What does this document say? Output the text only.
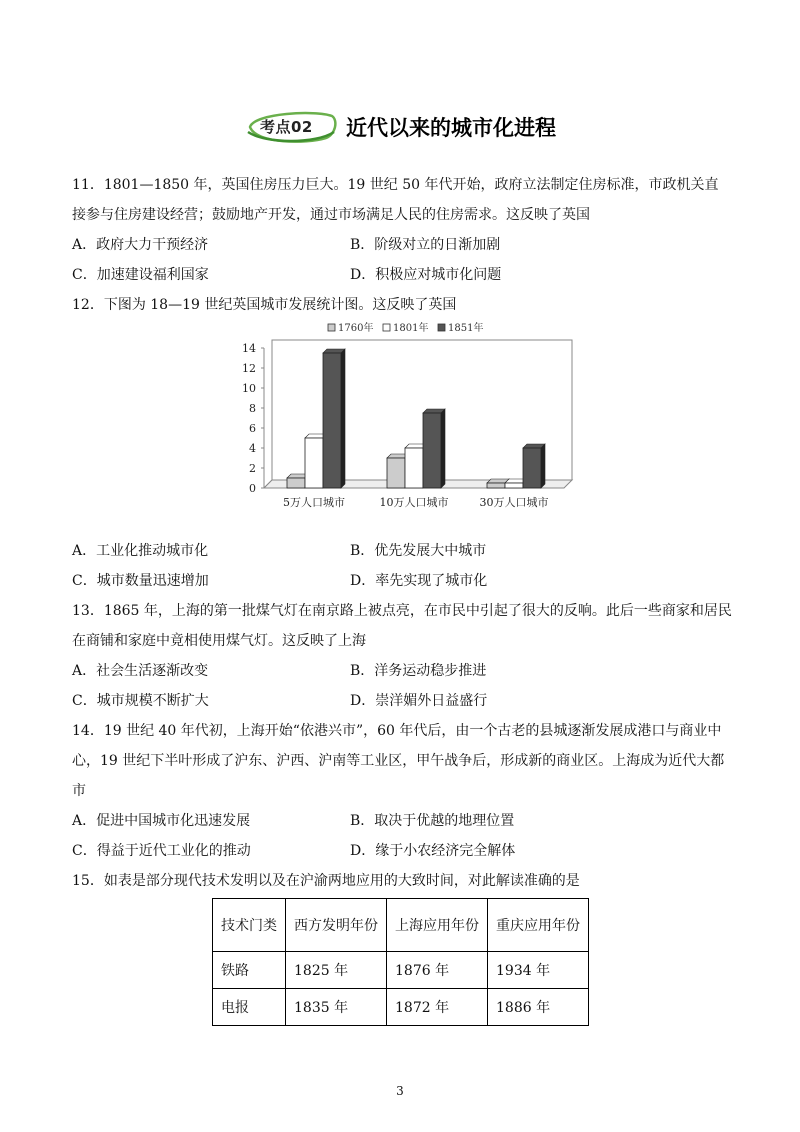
考点02 近代以来的城市化进程
11．1801—1850 年，英国住房压力巨大。19 世纪 50 年代开始，政府立法制定住房标准，市政机关直接参与住房建设经营；鼓励地产开发，通过市场满足人民的住房需求。这反映了英国
A．政府大力干预经济	B．阶级对立的日渐加剧
C．加速建设福利国家	D．积极应对城市化问题
12．下图为 18—19 世纪英国城市发展统计图。这反映了英国
0
2
4
6
8
10
12
14
1760年 1801年 1851年
5万人口城市	10万人口城市	30万人口城市
A．工业化推动城市化	B．优先发展大中城市
C．城市数量迅速增加	D．率先实现了城市化
13．1865 年，上海的第一批煤气灯在南京路上被点亮，在市民中引起了很大的反响。此后一些商家和居民在商铺和家庭中竟相使用煤气灯。这反映了上海
A．社会生活逐渐改变	B．洋务运动稳步推进
C．城市规模不断扩大	D．崇洋媚外日益盛行
14．19 世纪 40 年代初，上海开始“依港兴市”，60 年代后，由一个古老的县城逐渐发展成港口与商业中心，19 世纪下半叶形成了沪东、沪西、沪南等工业区，甲午战争后，形成新的商业区。上海成为近代大都市
A．促进中国城市化迅速发展	B．取决于优越的地理位置
C．得益于近代工业化的推动	D．缘于小农经济完全解体
15．如表是部分现代技术发明以及在沪渝两地应用的大致时间，对此解读准确的是
技术门类	西方发明年份	上海应用年份	重庆应用年份
铁路	1825 年	1876 年	1934 年
电报	1835 年	1872 年	1886 年
3
